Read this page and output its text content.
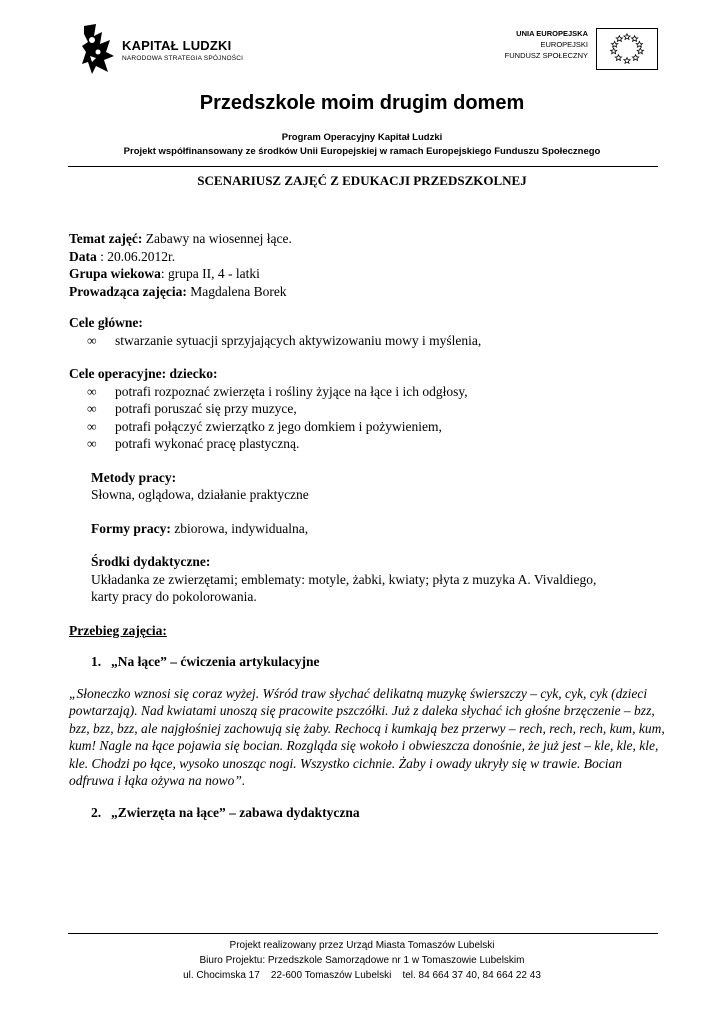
KAPITAŁ LUDZKI
NARODOWA STRATEGIA SPÓJNOŚCI
UNIA EUROPEJSKA
EUROPEJSKI
FUNDUSZ SPOŁECZNY
Przedszkole moim drugim domem
Program Operacyjny Kapitał Ludzki
Projekt współfinansowany ze środków Unii Europejskiej w ramach Europejskiego Funduszu Społecznego
SCENARIUSZ ZAJĘĆ Z EDUKACJI PRZEDSZKOLNEJ

Temat zajęć: Zabawy na wiosennej łące.

Data : 20.06.2012r.

Grupa wiekowa: grupa II, 4 - latki

Prowadząca zajęcia: Magdalena Borek

Cele główne:

∞ stwarzanie sytuacji sprzyjających aktywizowaniu mowy i myślenia,

Cele operacyjne: dziecko:

∞ potrafi rozpoznać zwierzęta i rośliny żyjące na łące i ich odgłosy,

∞ potrafi poruszać się przy muzyce,

∞ potrafi połączyć zwierzątko z jego domkiem i pożywieniem,

∞ potrafi wykonać pracę plastyczną.

Metody pracy:

Słowna, oglądowa, działanie praktyczne

Formy pracy: zbiorowa, indywidualna,

Środki dydaktyczne:

Układanka ze zwierzętami; emblematy: motyle, żabki, kwiaty; płyta z muzyka A. Vivaldiego,

karty pracy do pokolorowania.

Przebieg zajęcia:

1. „Na łące” – ćwiczenia artykulacyjne

„Słoneczko wznosi się coraz wyżej. Wśród traw słychać delikatną muzykę świerszczy – cyk, cyk, cyk (dzieci powtarzają). Nad kwiatami unoszą się pracowite pszczółki. Już z daleka słychać ich głośne brzęczenie – bzz, bzz, bzz, bzz, ale najgłośniej zachowują się żaby. Rechocą i kumkają bez przerwy – rech, rech, rech, kum, kum, kum! Nagle na łące pojawia się bocian. Rozgląda się wokoło i obwieszcza donośnie, że już jest – kle, kle, kle, kle. Chodzi po łące, wysoko unosząc nogi. Wszystko cichnie. Żaby i owady ukryły się w trawie. Bocian odfruwa i łąka ożywa na nowo”.

2. „Zwierzęta na łące” – zabawa dydaktyczna

Projekt realizowany przez Urząd Miasta Tomaszów Lubelski
Biuro Projektu: Przedszkole Samorządowe nr 1 w Tomaszowie Lubelskim
ul. Chocimska 17    22-600 Tomaszów Lubelski    tel. 84 664 37 40, 84 664 22 43
